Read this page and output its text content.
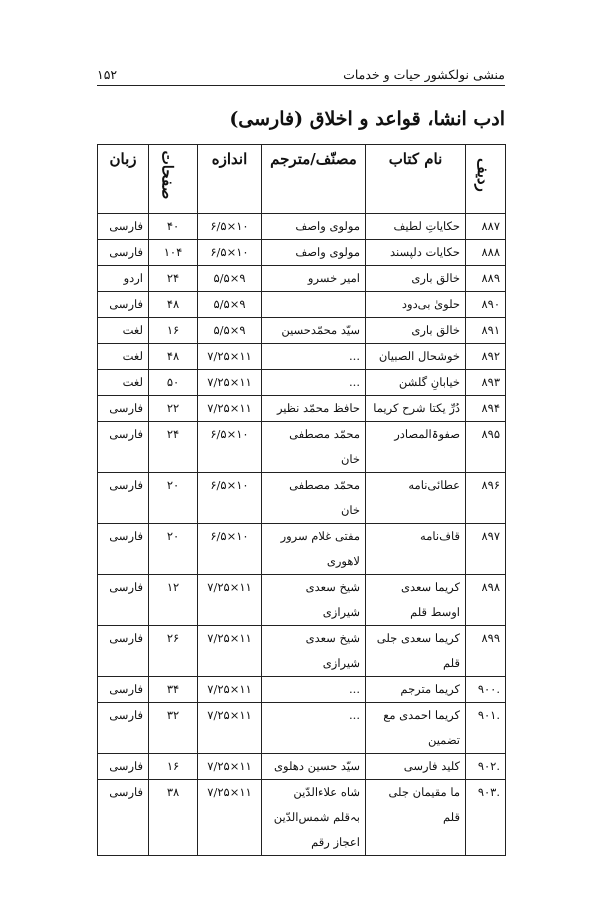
۱۵۲	منشی نولکشور حیات و خدمات
ادب انشا، قواعد و اخلاق (فارسی)
ردیف	نام کتاب	مصنّف/مترجم	اندازه	صفحات	زبان
۸۸۷	حکایاتِ لطیف	مولوی واصف	۱۰×۶/۵	۴۰	فارسی
۸۸۸	حکایات دلپسند	مولوی واصف	۱۰×۶/۵	۱۰۴	فارسی
۸۸۹	خالق باری	امیر خسرو	۹×۵/۵	۲۴	اردو
۸۹۰	حلویٰ بی‌دود		۹×۵/۵	۴۸	فارسی
۸۹۱	خالق باری	سیّد محمّدحسین	۹×۵/۵	۱۶	لغت
۸۹۲	خوشحال الصبیان	...	۱۱×۷/۲۵	۴۸	لغت
۸۹۳	خیابانِ گلشن	...	۱۱×۷/۲۵	۵۰	لغت
۸۹۴	دُرِّ یکتا شرح کریما	حافظ محمّد نظیر	۱۱×۷/۲۵	۲۲	فارسی
۸۹۵	صفوۃالمصادر	محمّد مصطفی خان	۱۰×۶/۵	۲۴	فارسی
۸۹۶	عطائی‌نامه	محمّد مصطفی خان	۱۰×۶/۵	۲۰	فارسی
۸۹۷	قاف‌نامه	مفتی غلام سرور لاهوری	۱۰×۶/۵	۲۰	فارسی
۸۹۸	کریما سعدی اوسط قلم	شیخ سعدی شیرازی	۱۱×۷/۲۵	۱۲	فارسی
۸۹۹	کریما سعدی جلی قلم	شیخ سعدی شیرازی	۱۱×۷/۲۵	۲۶	فارسی
.۹۰۰	کریما مترجم	...	۱۱×۷/۲۵	۳۴	فارسی
.۹۰۱	کریما احمدی مع تضمین	...	۱۱×۷/۲۵	۳۲	فارسی
.۹۰۲	کلید فارسی	سیّد حسین دهلوی	۱۱×۷/۲۵	۱۶	فارسی
.۹۰۳	ما مقیمان جلی قلم	شاه علاءالدّین بہ‌قلم شمس‌الدّین اعجاز رقم	۱۱×۷/۲۵	۳۸	فارسی
